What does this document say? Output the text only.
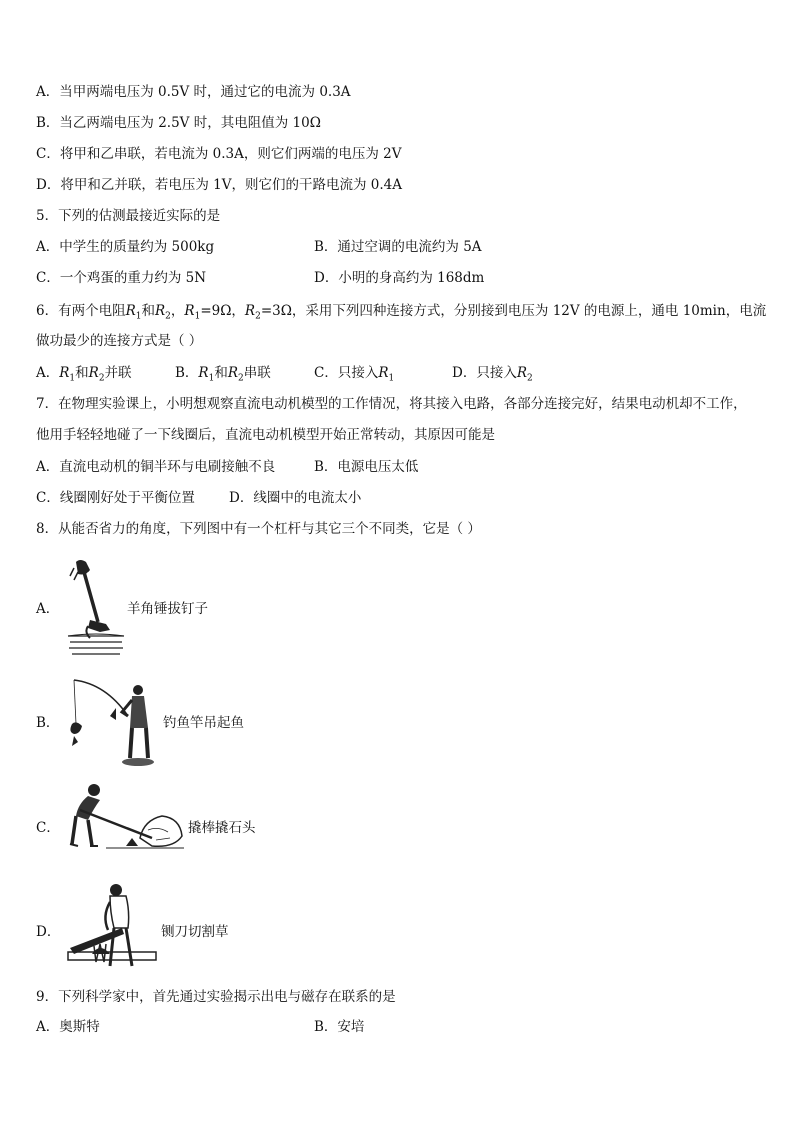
A．当甲两端电压为 0.5V 时，通过它的电流为 0.3A
B．当乙两端电压为 2.5V 时，其电阻值为 10Ω
C．将甲和乙串联，若电流为 0.3A，则它们两端的电压为 2V
D．将甲和乙并联，若电压为 1V，则它们的干路电流为 0.4A
5．下列的估测最接近实际的是
A．中学生的质量约为 500kg	B．通过空调的电流约为 5A
C．一个鸡蛋的重力约为 5N	D．小明的身高约为 168dm
6．有两个电阻$R_1$和$R_2$，$R_1=9\Omega$，$R_2=3\Omega$，采用下列四种连接方式，分别接到电压为 12V 的电源上，通电 10min，电流
做功最少的连接方式是（ ）
A．$R_1$和$R_2$并联	B．$R_1$和$R_2$串联	C．只接入$R_1$	D．只接入$R_2$
7．在物理实验课上，小明想观察直流电动机模型的工作情况，将其接入电路，各部分连接完好，结果电动机却不工作，
他用手轻轻地碰了一下线圈后，直流电动机模型开始正常转动，其原因可能是
A．直流电动机的铜半环与电刷接触不良	B．电源电压太低
C．线圈刚好处于平衡位置	D．线圈中的电流太小
8．从能否省力的角度，下列图中有一个杠杆与其它三个不同类，它是（ ）
A．	羊角锤拔钉子
B．	钓鱼竿吊起鱼
C．	撬棒撬石头
D．	铡刀切割草
9．下列科学家中，首先通过实验揭示出电与磁存在联系的是
A．奥斯特	B．安培
